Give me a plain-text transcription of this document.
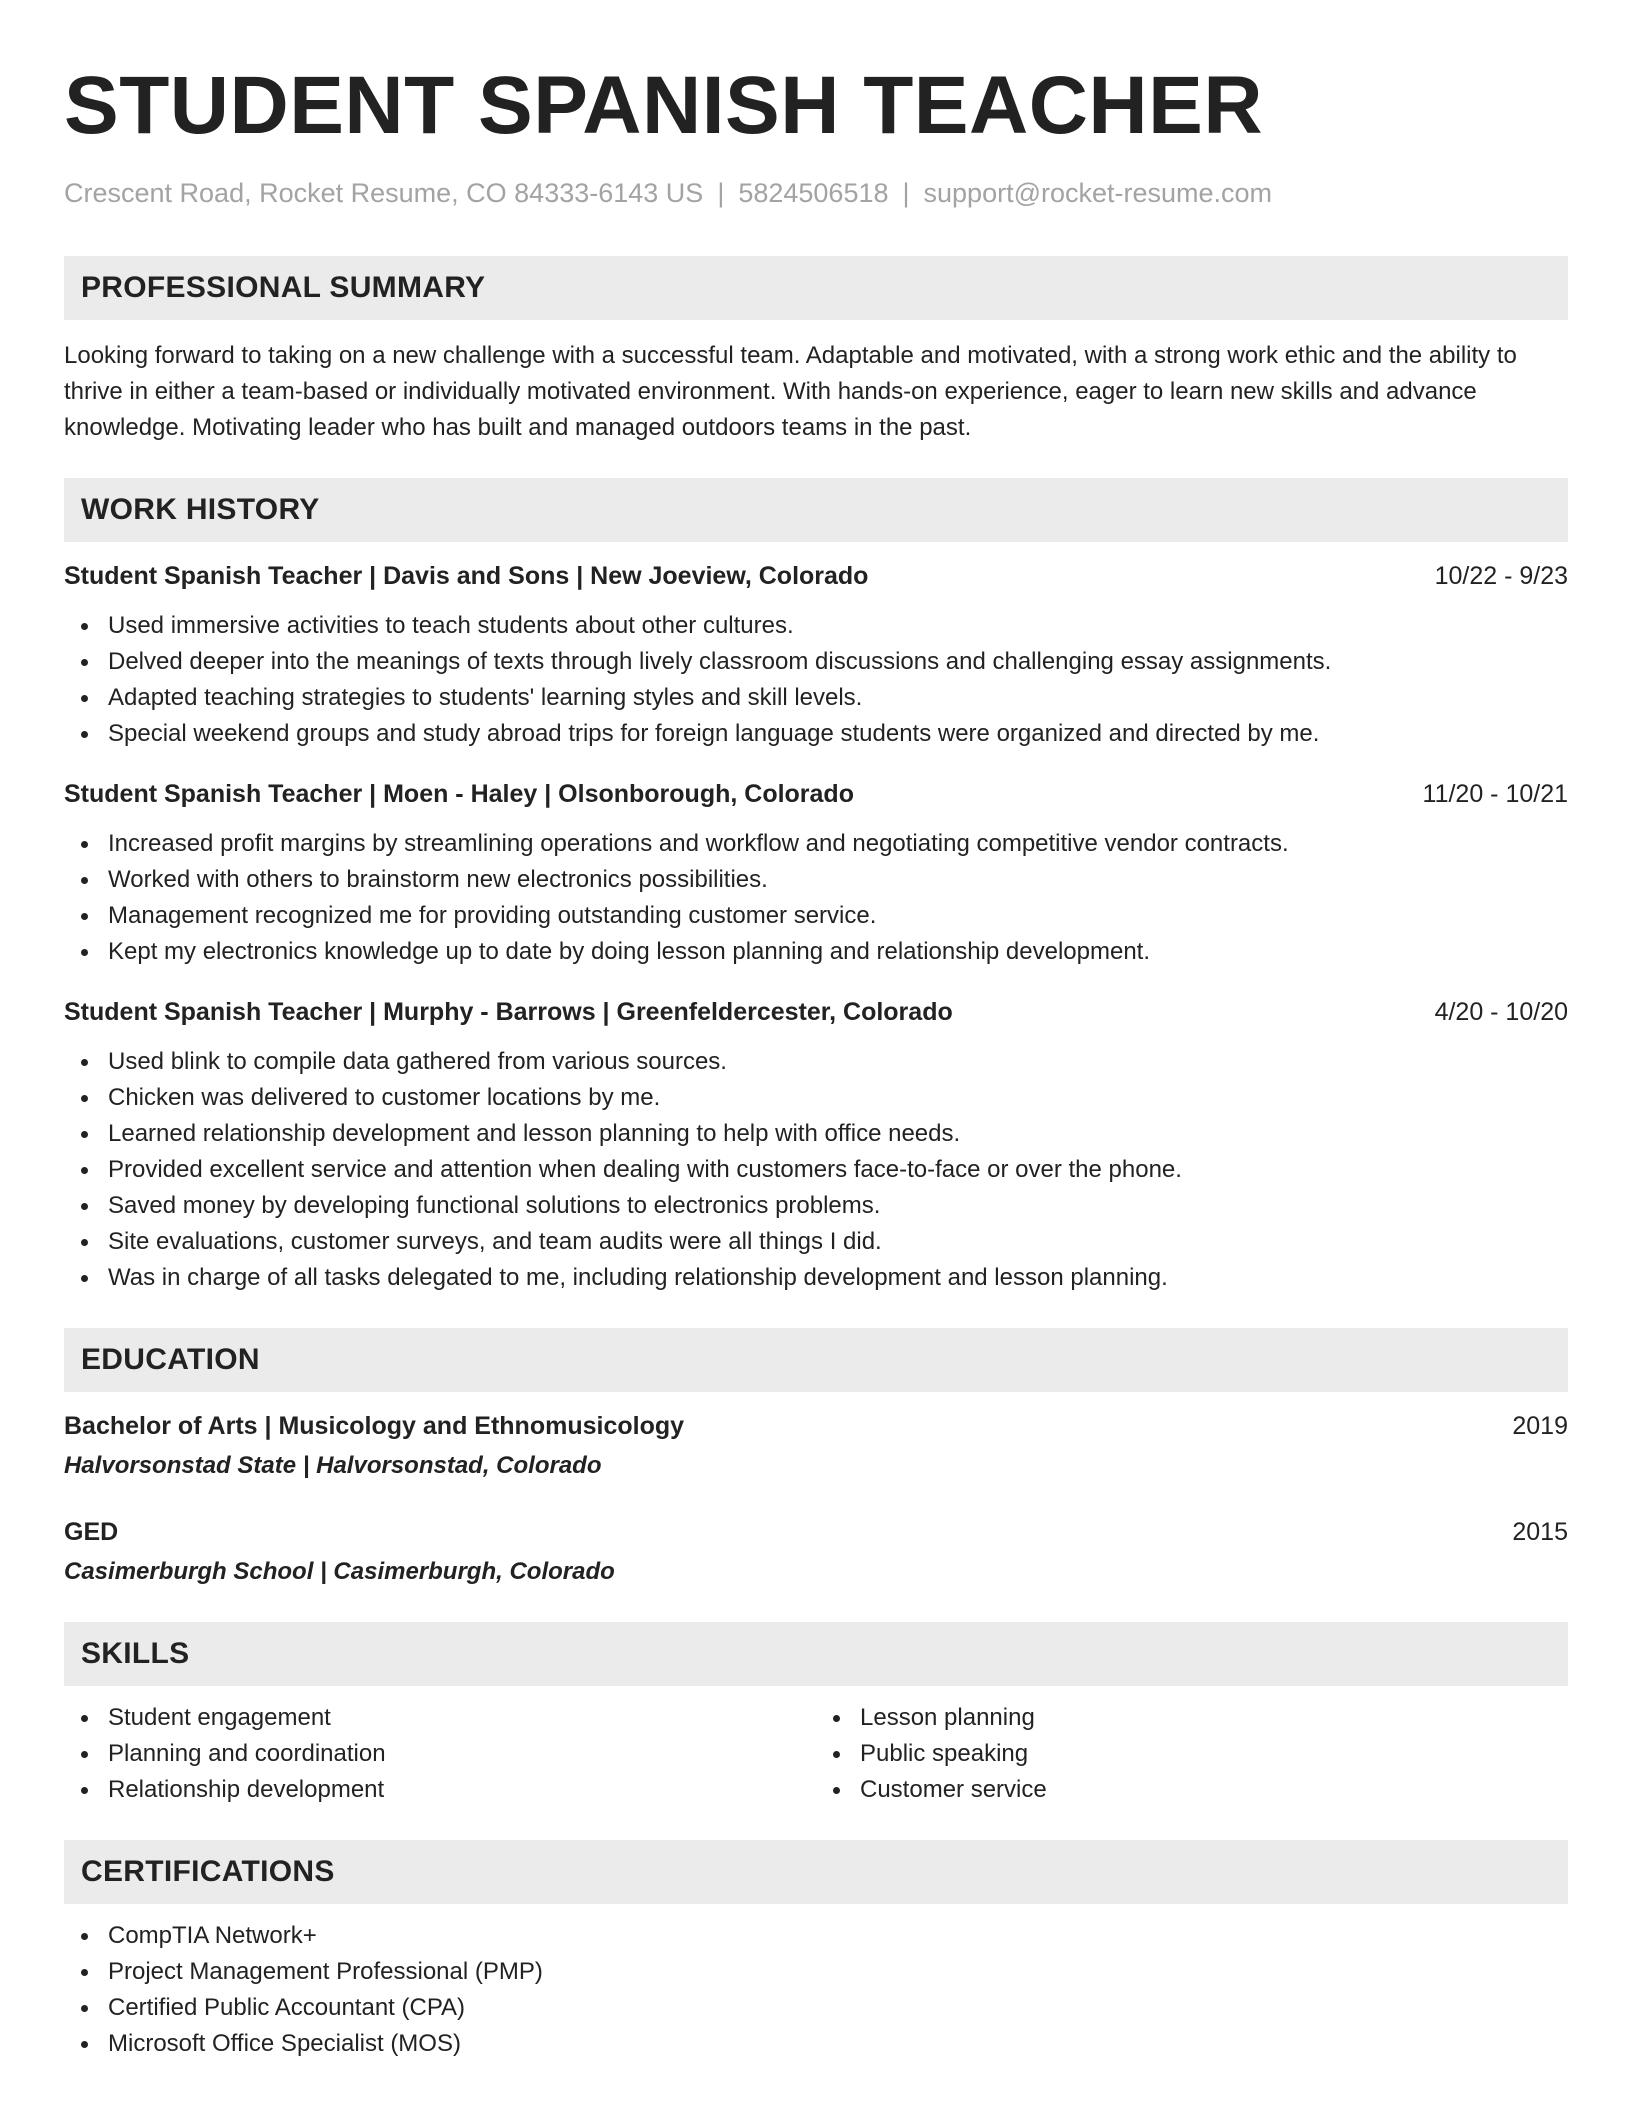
STUDENT SPANISH TEACHER
Crescent Road, Rocket Resume, CO 84333-6143 US | 5824506518 | support@rocket-resume.com
PROFESSIONAL SUMMARY

Looking forward to taking on a new challenge with a successful team. Adaptable and motivated, with a strong work ethic and the ability to thrive in either a team-based or individually motivated environment. With hands-on experience, eager to learn new skills and advance knowledge. Motivating leader who has built and managed outdoors teams in the past.

WORK HISTORY
Student Spanish Teacher | Davis and Sons | New Joeview, Colorado	10/22 - 9/23
Used immersive activities to teach students about other cultures.
Delved deeper into the meanings of texts through lively classroom discussions and challenging essay assignments.
Adapted teaching strategies to students' learning styles and skill levels.
Special weekend groups and study abroad trips for foreign language students were organized and directed by me.
Student Spanish Teacher | Moen - Haley | Olsonborough, Colorado	11/20 - 10/21
Increased profit margins by streamlining operations and workflow and negotiating competitive vendor contracts.
Worked with others to brainstorm new electronics possibilities.
Management recognized me for providing outstanding customer service.
Kept my electronics knowledge up to date by doing lesson planning and relationship development.
Student Spanish Teacher | Murphy - Barrows | Greenfeldercester, Colorado	4/20 - 10/20
Used blink to compile data gathered from various sources.
Chicken was delivered to customer locations by me.
Learned relationship development and lesson planning to help with office needs.
Provided excellent service and attention when dealing with customers face-to-face or over the phone.
Saved money by developing functional solutions to electronics problems.
Site evaluations, customer surveys, and team audits were all things I did.
Was in charge of all tasks delegated to me, including relationship development and lesson planning.
EDUCATION
Bachelor of Arts | Musicology and Ethnomusicology	2019
Halvorsonstad State | Halvorsonstad, Colorado
GED	2015
Casimerburgh School | Casimerburgh, Colorado
SKILLS
Student engagement
Planning and coordination
Relationship development
Lesson planning
Public speaking
Customer service
CERTIFICATIONS
CompTIA Network+
Project Management Professional (PMP)
Certified Public Accountant (CPA)
Microsoft Office Specialist (MOS)
